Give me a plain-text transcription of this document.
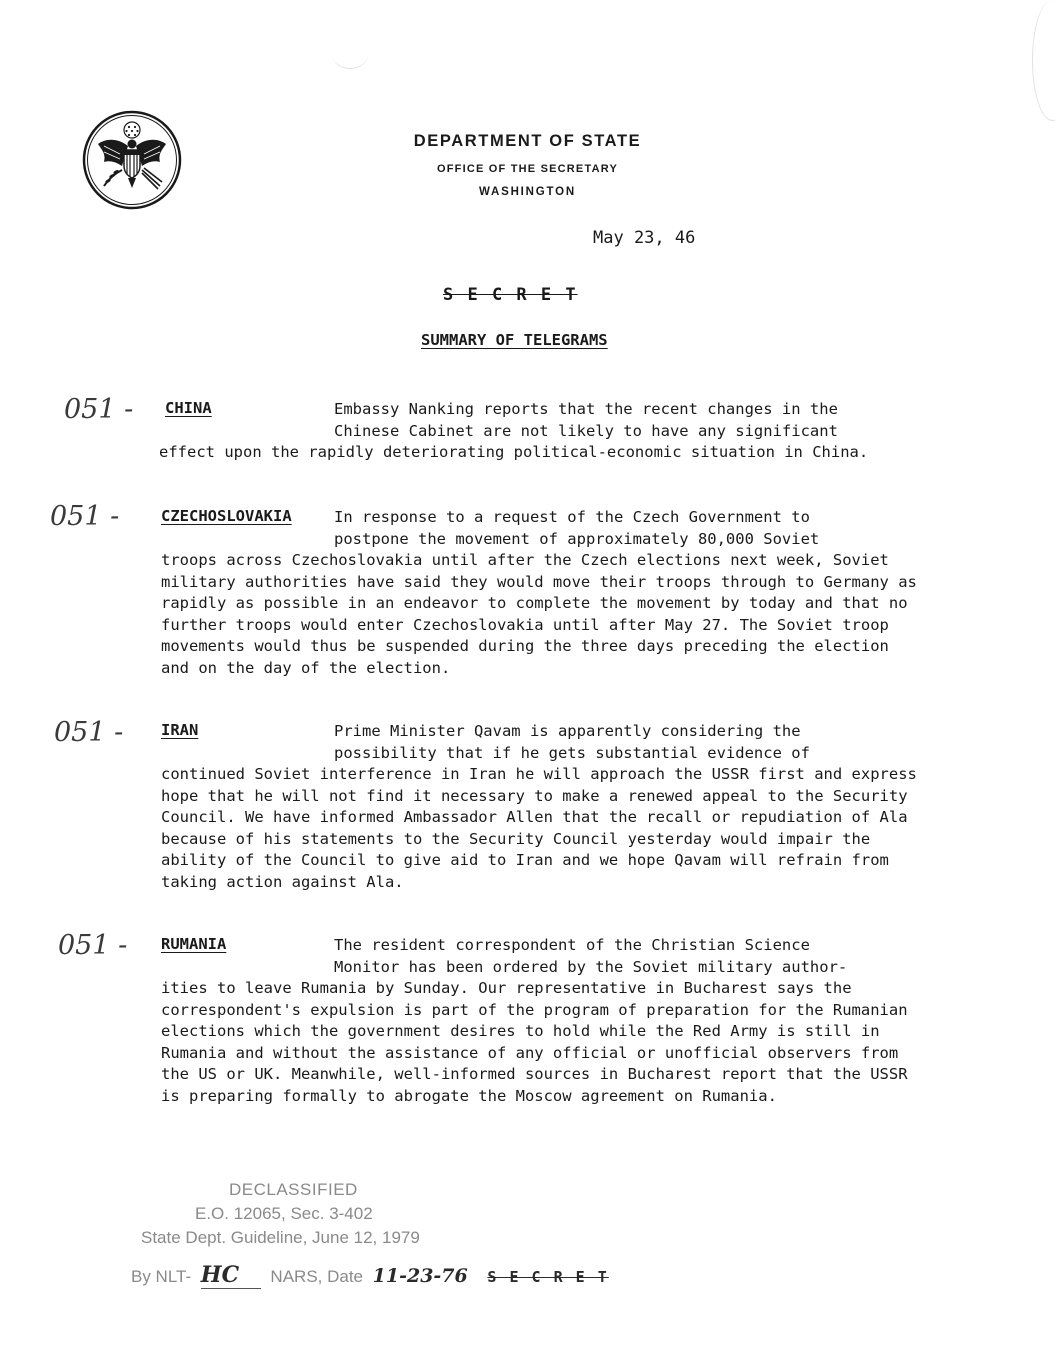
DEPARTMENT OF STATE
OFFICE OF THE SECRETARY
WASHINGTON
May 23, 46
S E C R E T
SUMMARY OF TELEGRAMS
051 - CHINA	Embassy Nanking reports that the recent changes in the
Chinese Cabinet are not likely to have any significant
effect upon the rapidly deteriorating political-economic situation in China.
051 -	CZECHOSLOVAKIA	In response to a request of the Czech Government to
postpone the movement of approximately 80,000 Soviet
troops across Czechoslovakia until after the Czech elections next week, Soviet military authorities have said they would move their troops through to Germany as rapidly as possible in an endeavor to complete the movement by today and that no further troops would enter Czechoslovakia until after May 27. The Soviet troop movements would thus be suspended during the three days preceding the election and on the day of the election.
051 - IRAN	Prime Minister Qavam is apparently considering the
possibility that if he gets substantial evidence of
continued Soviet interference in Iran he will approach the USSR first and express hope that he will not find it necessary to make a renewed appeal to the Security Council. We have informed Ambassador Allen that the recall or repudiation of Ala because of his statements to the Security Council yesterday would impair the ability of the Council to give aid to Iran and we hope Qavam will refrain from taking action against Ala.
051 - RUMANIA	The resident correspondent of the Christian Science
Monitor has been ordered by the Soviet military author-
ities to leave Rumania by Sunday. Our representative in Bucharest says the correspondent's expulsion is part of the program of preparation for the Rumanian elections which the government desires to hold while the Red Army is still in Rumania and without the assistance of any official or unofficial observers from the US or UK. Meanwhile, well-informed sources in Bucharest report that the USSR is preparing formally to abrogate the Moscow agreement on Rumania.
DECLASSIFIED
E.O. 12065, Sec. 3-402
State Dept. Guideline, June 12, 1979
By NLT- HC NARS, Date 11-23-76 S E C R E T
